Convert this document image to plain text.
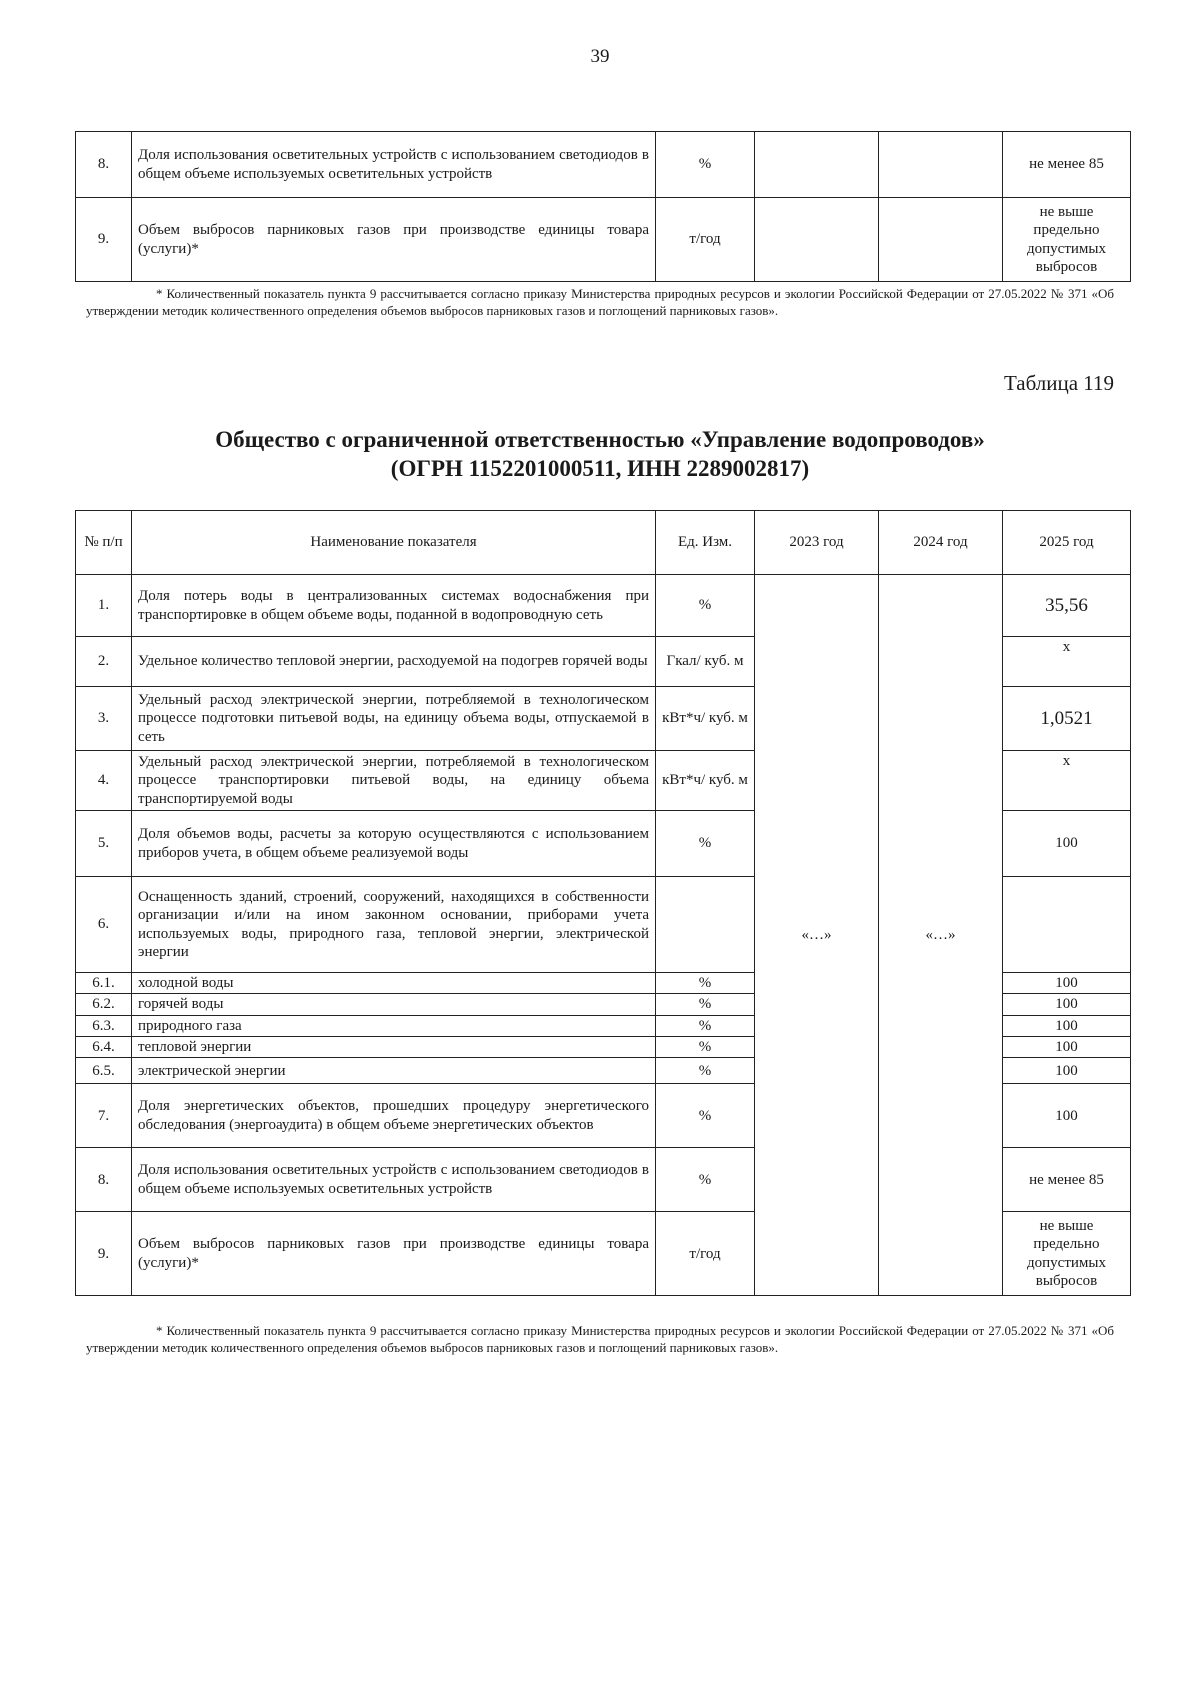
39
8.	Доля использования осветительных устройств с использованием светодиодов в общем объеме используемых осветительных устройств	%			не менее 85
9.	Объем выбросов парниковых газов при производстве единицы товара (услуги)*	т/год			не выше предельно допустимых выбросов
* Количественный показатель пункта 9 рассчитывается согласно приказу Министерства природных ресурсов и экологии Российской Федерации от 27.05.2022 № 371 «Об утверждении методик количественного определения объемов выбросов парниковых газов и поглощений парниковых газов».
Таблица 119
Общество с ограниченной ответственностью «Управление водопроводов»
(ОГРН 1152201000511, ИНН 2289002817)
№ п/п	Наименование показателя	Ед. Изм.	2023 год	2024 год	2025 год
1.	Доля потерь воды в централизованных системах водоснабжения при транспортировке в общем объеме воды, поданной в водопроводную сеть	%	«…»	«…»	35,56
2.	Удельное количество тепловой энергии, расходуемой на подогрев горячей воды	Гкал/ куб. м			х
3.	Удельный расход электрической энергии, потребляемой в технологическом процессе подготовки питьевой воды, на единицу объема воды, отпускаемой в сеть	кВт*ч/ куб. м			1,0521
4.	Удельный расход электрической энергии, потребляемой в технологическом процессе транспортировки питьевой воды, на единицу объема транспортируемой воды	кВт*ч/ куб. м			х
5.	Доля объемов воды, расчеты за которую осуществляются с использованием приборов учета, в общем объеме реализуемой воды	%			100
6.	Оснащенность зданий, строений, сооружений, находящихся в собственности организации и/или на ином законном основании, приборами учета используемых воды, природного газа, тепловой энергии, электрической энергии				
6.1.	холодной воды	%			100
6.2.	горячей воды	%			100
6.3.	природного газа	%			100
6.4.	тепловой энергии	%			100
6.5.	электрической энергии	%			100
7.	Доля энергетических объектов, прошедших процедуру энергетического обследования (энергоаудита) в общем объеме энергетических объектов	%			100
8.	Доля использования осветительных устройств с использованием светодиодов в общем объеме используемых осветительных устройств	%			не менее 85
9.	Объем выбросов парниковых газов при производстве единицы товара (услуги)*	т/год			не выше предельно допустимых выбросов
* Количественный показатель пункта 9 рассчитывается согласно приказу Министерства природных ресурсов и экологии Российской Федерации от 27.05.2022 № 371 «Об утверждении методик количественного определения объемов выбросов парниковых газов и поглощений парниковых газов».
